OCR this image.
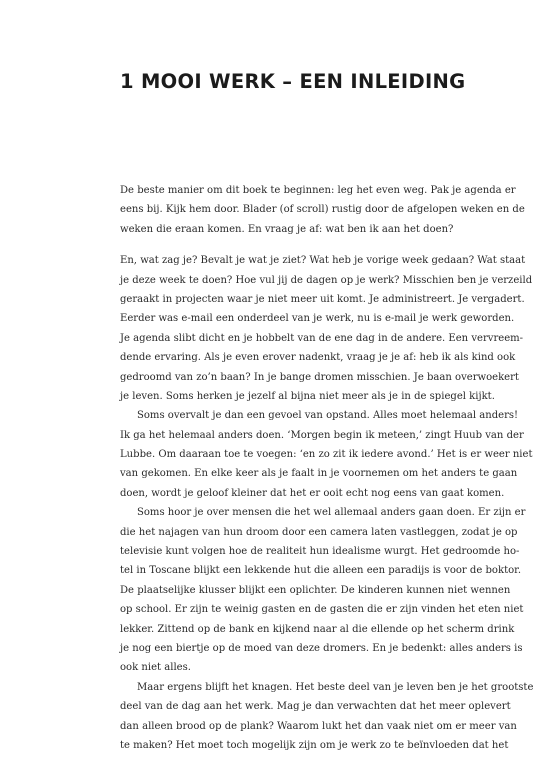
1 MOOI WERK – EEN INLEIDING
De beste manier om dit boek te beginnen: leg het even weg. Pak je agenda er
eens bij. Kijk hem door. Blader (of scroll) rustig door de afgelopen weken en de
weken die eraan komen. En vraag je af: wat ben ik aan het doen?
En, wat zag je? Bevalt je wat je ziet? Wat heb je vorige week gedaan? Wat staat
je deze week te doen? Hoe vul jij de dagen op je werk? Misschien ben je verzeild
geraakt in projecten waar je niet meer uit komt. Je administreert. Je vergadert.
Eerder was e-mail een onderdeel van je werk, nu is e-mail je werk geworden.
Je agenda slibt dicht en je hobbelt van de ene dag in de andere. Een vervreem-
dende ervaring. Als je even erover nadenkt, vraag je je af: heb ik als kind ook
gedroomd van zo’n baan? In je bange dromen misschien. Je baan overwoekert
je leven. Soms herken je jezelf al bijna niet meer als je in de spiegel kijkt.
Soms overvalt je dan een gevoel van opstand. Alles moet helemaal anders!
Ik ga het helemaal anders doen. ‘Morgen begin ik meteen,’ zingt Huub van der
Lubbe. Om daaraan toe te voegen: ‘en zo zit ik iedere avond.’ Het is er weer niet
van gekomen. En elke keer als je faalt in je voornemen om het anders te gaan
doen, wordt je geloof kleiner dat het er ooit echt nog eens van gaat komen.
Soms hoor je over mensen die het wel allemaal anders gaan doen. Er zijn er
die het najagen van hun droom door een camera laten vastleggen, zodat je op
televisie kunt volgen hoe de realiteit hun idealisme wurgt. Het gedroomde ho-
tel in Toscane blijkt een lekkende hut die alleen een paradijs is voor de boktor.
De plaatselijke klusser blijkt een oplichter. De kinderen kunnen niet wennen
op school. Er zijn te weinig gasten en de gasten die er zijn vinden het eten niet
lekker. Zittend op de bank en kijkend naar al die ellende op het scherm drink
je nog een biertje op de moed van deze dromers. En je bedenkt: alles anders is
ook niet alles.
Maar ergens blijft het knagen. Het beste deel van je leven ben je het grootste
deel van de dag aan het werk. Mag je dan verwachten dat het meer oplevert
dan alleen brood op de plank? Waarom lukt het dan vaak niet om er meer van
te maken? Het moet toch mogelijk zijn om je werk zo te beïnvloeden dat het
